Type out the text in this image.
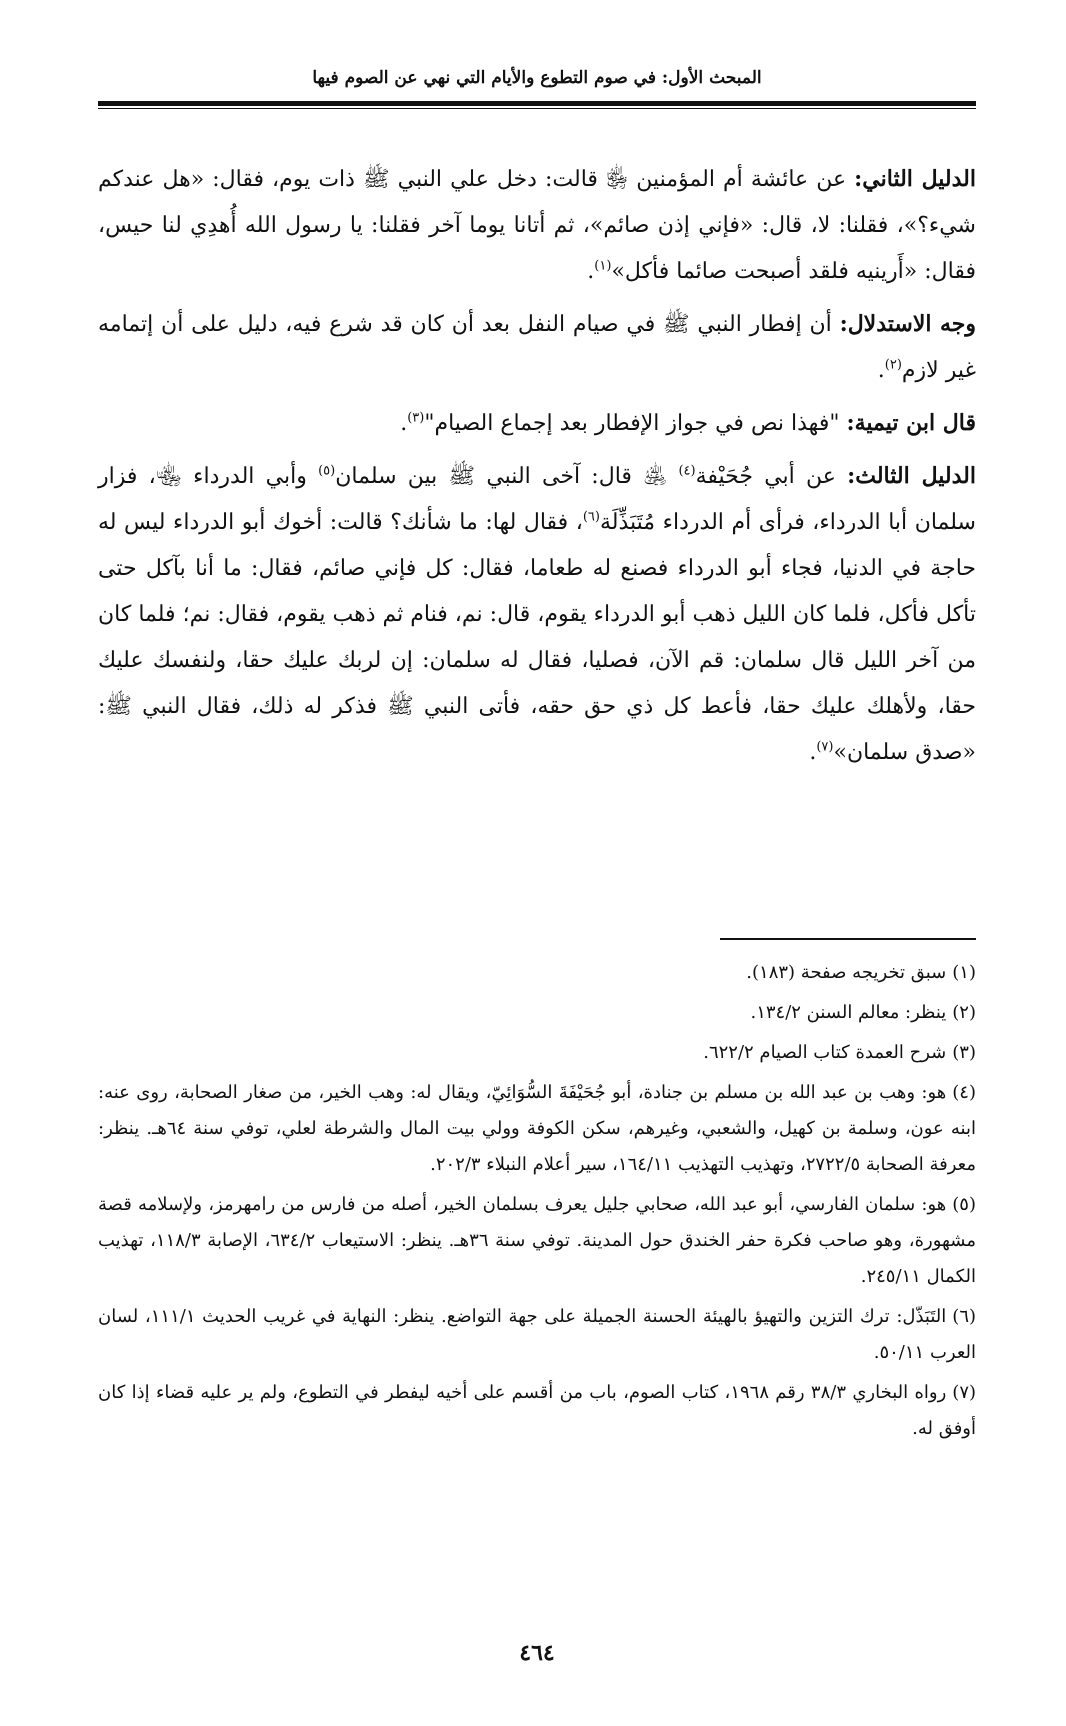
المبحث الأول: في صوم التطوع والأيام التي نهي عن الصوم فيها

الدليل الثاني: عن عائشة أم المؤمنين ﵂ قالت: دخل علي النبي ﷺ ذات يوم، فقال: «هل عندكم شيء؟»، فقلنا: لا، قال: «فإني إذن صائم»، ثم أتانا يوما آخر فقلنا: يا رسول الله أُهدِي لنا حيس، فقال: «أَرينيه فلقد أصبحت صائما فأكل»$^{(١)}$.

وجه الاستدلال: أن إفطار النبي ﷺ في صيام النفل بعد أن كان قد شرع فيه، دليل على أن إتمامه غير لازم$^{(٢)}$.

قال ابن تيمية: "فهذا نص في جواز الإفطار بعد إجماع الصيام"$^{(٣)}$.

الدليل الثالث: عن أبي جُحَيْفة$^{(٤)}$ ﵁ قال: آخى النبي ﷺ بين سلمان$^{(٥)}$ وأبي الدرداء ﵄، فزار سلمان أبا الدرداء، فرأى أم الدرداء مُتَبَذِّلَة$^{(٦)}$، فقال لها: ما شأنك؟ قالت: أخوك أبو الدرداء ليس له حاجة في الدنيا، فجاء أبو الدرداء فصنع له طعاما، فقال: كل فإني صائم، فقال: ما أنا بآكل حتى تأكل فأكل، فلما كان الليل ذهب أبو الدرداء يقوم، قال: نم، فنام ثم ذهب يقوم، فقال: نم؛ فلما كان من آخر الليل قال سلمان: قم الآن، فصليا، فقال له سلمان: إن لربك عليك حقا، ولنفسك عليك حقا، ولأهلك عليك حقا، فأعط كل ذي حق حقه، فأتى النبي ﷺ فذكر له ذلك، فقال النبي ﷺ: «صدق سلمان»$^{(٧)}$.

(١)سبق تخريجه صفحة (١٨٣).

(٢)ينظر: معالم السنن ١٣٤/٢.

(٣)شرح العمدة كتاب الصيام ٦٢٢/٢.

(٤)هو: وهب بن عبد الله بن مسلم بن جنادة، أبو جُحَيْفَةَ السُّوَائِيّ، ويقال له: وهب الخير، من صغار الصحابة، روى عنه: ابنه عون، وسلمة بن كهيل، والشعبي، وغيرهم، سكن الكوفة وولي بيت المال والشرطة لعلي، توفي سنة ٦٤هـ. ينظر: معرفة الصحابة ٢٧٢٢/٥، وتهذيب التهذيب ١٦٤/١١، سير أعلام النبلاء ٢٠٢/٣.

(٥)هو: سلمان الفارسي، أبو عبد الله، صحابي جليل يعرف بسلمان الخير، أصله من فارس من رامهرمز، ولإسلامه قصة مشهورة، وهو صاحب فكرة حفر الخندق حول المدينة. توفي سنة ٣٦هـ. ينظر: الاستيعاب ٦٣٤/٢، الإصابة ١١٨/٣، تهذيب الكمال ٢٤٥/١١.

(٦)التَبَذّل: ترك التزين والتهيؤ بالهيئة الحسنة الجميلة على جهة التواضع. ينظر: النهاية في غريب الحديث ١١١/١، لسان العرب ٥٠/١١.

(٧)رواه البخاري ٣٨/٣ رقم ١٩٦٨، كتاب الصوم، باب من أقسم على أخيه ليفطر في التطوع، ولم ير عليه قضاء إذا كان أوفق له.

٤٦٤
